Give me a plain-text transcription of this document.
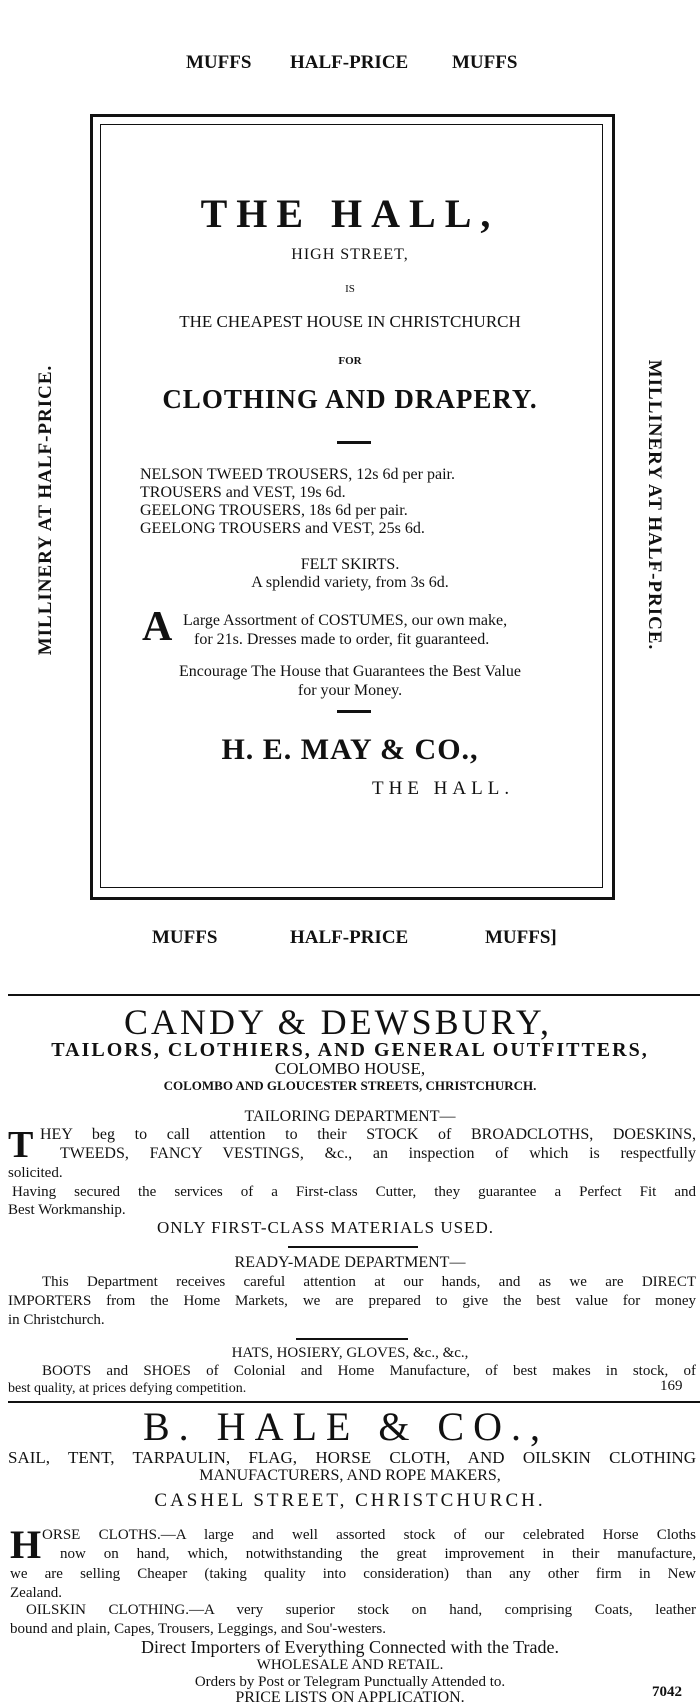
MUFFS HALF-PRICE MUFFS
MILLINERY AT HALF-PRICE.	MILLINERY AT HALF-PRICE.
THE HALL,
HIGH STREET,
IS
THE CHEAPEST HOUSE IN CHRISTCHURCH
FOR
CLOTHING AND DRAPERY.
NELSON TWEED TROUSERS, 12s 6d per pair.
TROUSERS and VEST, 19s 6d.
GEELONG TROUSERS, 18s 6d per pair.
GEELONG TROUSERS and VEST, 25s 6d.
FELT SKIRTS.
A splendid variety, from 3s 6d.
A Large Assortment of COSTUMES, our own make,
for 21s. Dresses made to order, fit guaranteed.
Encourage The House that Guarantees the Best Value
for your Money.
H. E. MAY & CO.,
THE HALL.
MUFFS	HALF-PRICE	MUFFS]
CANDY & DEWSBURY,
TAILORS, CLOTHIERS, AND GENERAL OUTFITTERS,
COLOMBO HOUSE,
COLOMBO AND GLOUCESTER STREETS, CHRISTCHURCH.
TAILORING DEPARTMENT—
T HEY beg to call attention to their STOCK of BROADCLOTHS, DOESKINS,
TWEEDS, FANCY VESTINGS, &c., an inspection of which is respectfully
solicited.
Having secured the services of a First-class Cutter, they guarantee a Perfect Fit and
Best Workmanship.
ONLY FIRST-CLASS MATERIALS USED.
READY-MADE DEPARTMENT—
This Department receives careful attention at our hands, and as we are DIRECT
IMPORTERS from the Home Markets, we are prepared to give the best value for money
in Christchurch.
HATS, HOSIERY, GLOVES, &c., &c.,
BOOTS and SHOES of Colonial and Home Manufacture, of best makes in stock, of
best quality, at prices defying competition.	169
B. HALE & CO.,
SAIL, TENT, TARPAULIN, FLAG, HORSE CLOTH, AND OILSKIN CLOTHING
MANUFACTURERS, AND ROPE MAKERS,
CASHEL STREET, CHRISTCHURCH.
H ORSE CLOTHS.—A large and well assorted stock of our celebrated Horse Cloths
now on hand, which, notwithstanding the great improvement in their manufacture,
we are selling Cheaper (taking quality into consideration) than any other firm in New
Zealand.
OILSKIN CLOTHING.—A very superior stock on hand, comprising Coats, leather
bound and plain, Capes, Trousers, Leggings, and Sou'-westers.
Direct Importers of Everything Connected with the Trade.
WHOLESALE AND RETAIL.
Orders by Post or Telegram Punctually Attended to.
PRICE LISTS ON APPLICATION.	7042
